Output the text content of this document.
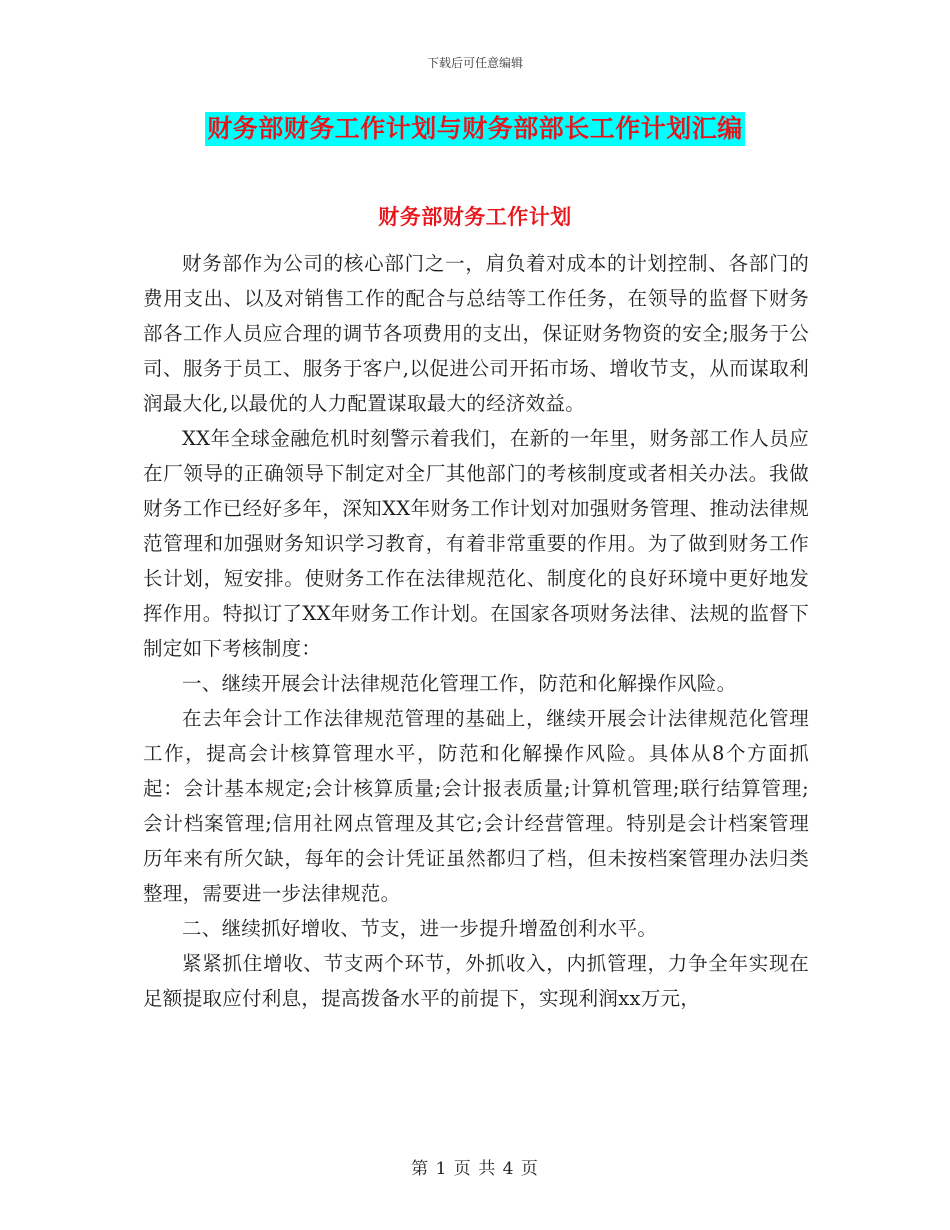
下载后可任意编辑
财务部财务工作计划与财务部部长工作计划汇编
财务部财务工作计划

财务部作为公司的核心部门之一，肩负着对成本的计划控制、各部门的费用支出、以及对销售工作的配合与总结等工作任务，在领导的监督下财务部各工作人员应合理的调节各项费用的支出，保证财务物资的安全;服务于公司、服务于员工、服务于客户,以促进公司开拓市场、增收节支，从而谋取利润最大化,以最优的人力配置谋取最大的经济效益。

XX年全球金融危机时刻警示着我们，在新的一年里，财务部工作人员应在厂领导的正确领导下制定对全厂其他部门的考核制度或者相关办法。我做财务工作已经好多年，深知XX年财务工作计划对加强财务管理、推动法律规范管理和加强财务知识学习教育，有着非常重要的作用。为了做到财务工作长计划，短安排。使财务工作在法律规范化、制度化的良好环境中更好地发挥作用。特拟订了XX年财务工作计划。在国家各项财务法律、法规的监督下制定如下考核制度：

一、继续开展会计法律规范化管理工作，防范和化解操作风险。

在去年会计工作法律规范管理的基础上，继续开展会计法律规范化管理工作，提高会计核算管理水平，防范和化解操作风险。具体从8个方面抓起：会计基本规定;会计核算质量;会计报表质量;计算机管理;联行结算管理;会计档案管理;信用社网点管理及其它;会计经营管理。特别是会计档案管理历年来有所欠缺，每年的会计凭证虽然都归了档，但未按档案管理办法归类整理，需要进一步法律规范。

二、继续抓好增收、节支，进一步提升增盈创利水平。

紧紧抓住增收、节支两个环节，外抓收入，内抓管理，力争全年实现在足额提取应付利息，提高拨备水平的前提下，实现利润xx万元，

第 1 页 共 4 页
